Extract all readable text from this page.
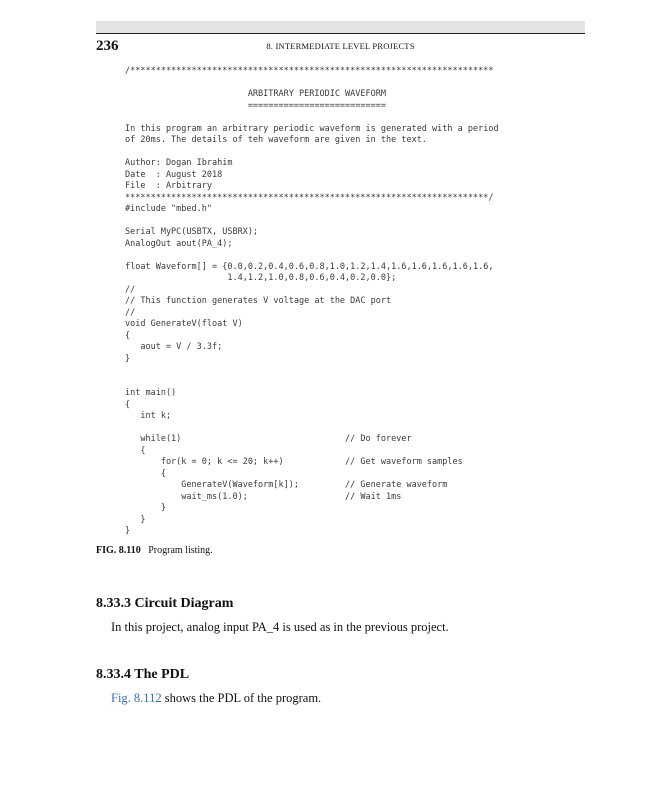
236	8. INTERMEDIATE LEVEL PROJECTS
/***********************************************************************

ARBITRARY PERIODIC WAVEFORM
===========================

In this program an arbitrary periodic waveform is generated with a period
of 20ms. The details of teh waveform are given in the text.

Author: Dogan Ibrahim
Date  : August 2018
File  : Arbitrary
***********************************************************************/
#include "mbed.h"

Serial MyPC(USBTX, USBRX);
AnalogOut aout(PA_4);

float Waveform[] = {0.0,0.2,0.4,0.6,0.8,1.0,1.2,1.4,1.6,1.6,1.6,1.6,1.6,
1.4,1.2,1.0,0.8,0.6,0.4,0.2,0.0};
//
// This function generates V voltage at the DAC port
//
void GenerateV(float V)
{
aout = V / 3.3f;
}

int main()
{
int k;

while(1)                                // Do forever
{
for(k = 0; k <= 20; k++)            // Get waveform samples
{
GenerateV(Waveform[k]);         // Generate waveform
wait_ms(1.0);                   // Wait 1ms
}
}
}
FIG. 8.110 Program listing.
8.33.3 Circuit Diagram
In this project, analog input PA_4 is used as in the previous project.
8.33.4 The PDL
Fig. 8.112 shows the PDL of the program.
